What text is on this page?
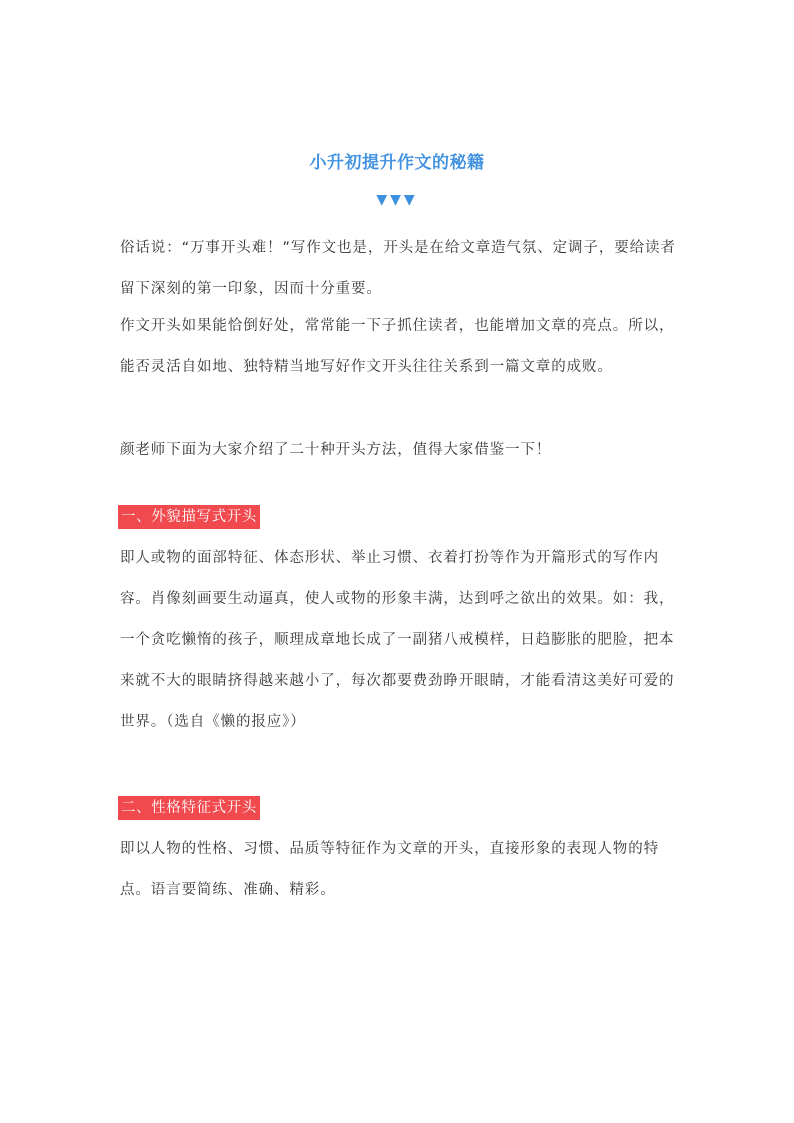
小升初提升作文的秘籍
▼▼▼

俗话说：“万事开头难！”写作文也是，开头是在给文章造气氛、定调子，要给读者留下深刻的第一印象，因而十分重要。

作文开头如果能恰倒好处，常常能一下子抓住读者，也能增加文章的亮点。所以，能否灵活自如地、独特精当地写好作文开头往往关系到一篇文章的成败。

颜老师下面为大家介绍了二十种开头方法，值得大家借鉴一下！

一、外貌描写式开头

即人或物的面部特征、体态形状、举止习惯、衣着打扮等作为开篇形式的写作内容。肖像刻画要生动逼真，使人或物的形象丰满，达到呼之欲出的效果。如：我，一个贪吃懒惰的孩子，顺理成章地长成了一副猪八戒模样，日趋膨胀的肥脸，把本来就不大的眼睛挤得越来越小了，每次都要费劲睁开眼睛，才能看清这美好可爱的世界。（选自《懒的报应》）

二、性格特征式开头

即以人物的性格、习惯、品质等特征作为文章的开头，直接形象的表现人物的特点。语言要简练、准确、精彩。
